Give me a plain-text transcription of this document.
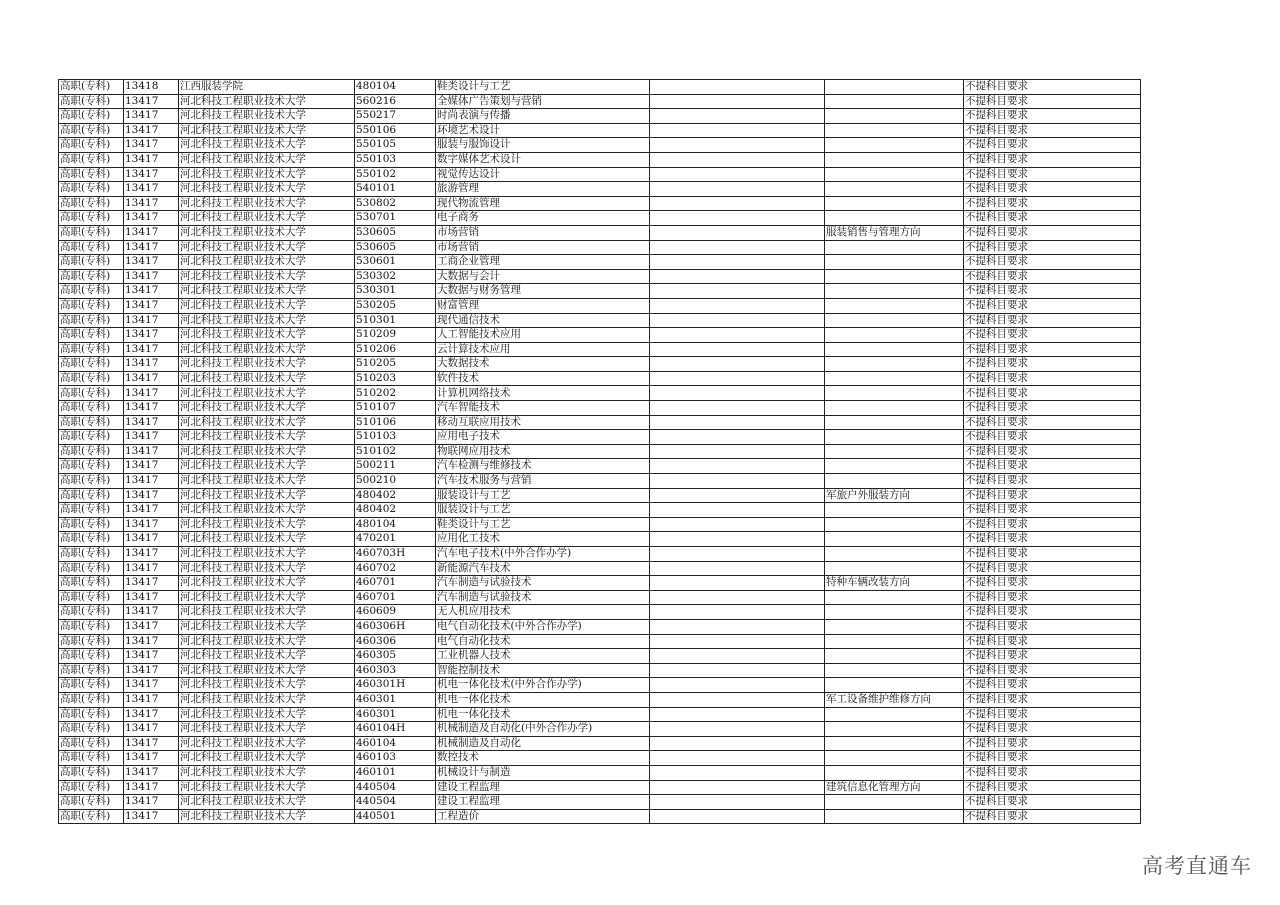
高职(专科)	13418	江西服装学院	480104	鞋类设计与工艺			不提科目要求
高职(专科)	13417	河北科技工程职业技术大学	560216	全媒体广告策划与营销			不提科目要求
高职(专科)	13417	河北科技工程职业技术大学	550217	时尚表演与传播			不提科目要求
高职(专科)	13417	河北科技工程职业技术大学	550106	环境艺术设计			不提科目要求
高职(专科)	13417	河北科技工程职业技术大学	550105	服装与服饰设计			不提科目要求
高职(专科)	13417	河北科技工程职业技术大学	550103	数字媒体艺术设计			不提科目要求
高职(专科)	13417	河北科技工程职业技术大学	550102	视觉传达设计			不提科目要求
高职(专科)	13417	河北科技工程职业技术大学	540101	旅游管理			不提科目要求
高职(专科)	13417	河北科技工程职业技术大学	530802	现代物流管理			不提科目要求
高职(专科)	13417	河北科技工程职业技术大学	530701	电子商务			不提科目要求
高职(专科)	13417	河北科技工程职业技术大学	530605	市场营销		服装销售与管理方向	不提科目要求
高职(专科)	13417	河北科技工程职业技术大学	530605	市场营销			不提科目要求
高职(专科)	13417	河北科技工程职业技术大学	530601	工商企业管理			不提科目要求
高职(专科)	13417	河北科技工程职业技术大学	530302	大数据与会计			不提科目要求
高职(专科)	13417	河北科技工程职业技术大学	530301	大数据与财务管理			不提科目要求
高职(专科)	13417	河北科技工程职业技术大学	530205	财富管理			不提科目要求
高职(专科)	13417	河北科技工程职业技术大学	510301	现代通信技术			不提科目要求
高职(专科)	13417	河北科技工程职业技术大学	510209	人工智能技术应用			不提科目要求
高职(专科)	13417	河北科技工程职业技术大学	510206	云计算技术应用			不提科目要求
高职(专科)	13417	河北科技工程职业技术大学	510205	大数据技术			不提科目要求
高职(专科)	13417	河北科技工程职业技术大学	510203	软件技术			不提科目要求
高职(专科)	13417	河北科技工程职业技术大学	510202	计算机网络技术			不提科目要求
高职(专科)	13417	河北科技工程职业技术大学	510107	汽车智能技术			不提科目要求
高职(专科)	13417	河北科技工程职业技术大学	510106	移动互联应用技术			不提科目要求
高职(专科)	13417	河北科技工程职业技术大学	510103	应用电子技术			不提科目要求
高职(专科)	13417	河北科技工程职业技术大学	510102	物联网应用技术			不提科目要求
高职(专科)	13417	河北科技工程职业技术大学	500211	汽车检测与维修技术			不提科目要求
高职(专科)	13417	河北科技工程职业技术大学	500210	汽车技术服务与营销			不提科目要求
高职(专科)	13417	河北科技工程职业技术大学	480402	服装设计与工艺		军旅户外服装方向	不提科目要求
高职(专科)	13417	河北科技工程职业技术大学	480402	服装设计与工艺			不提科目要求
高职(专科)	13417	河北科技工程职业技术大学	480104	鞋类设计与工艺			不提科目要求
高职(专科)	13417	河北科技工程职业技术大学	470201	应用化工技术			不提科目要求
高职(专科)	13417	河北科技工程职业技术大学	460703H	汽车电子技术(中外合作办学)			不提科目要求
高职(专科)	13417	河北科技工程职业技术大学	460702	新能源汽车技术			不提科目要求
高职(专科)	13417	河北科技工程职业技术大学	460701	汽车制造与试验技术		特种车辆改装方向	不提科目要求
高职(专科)	13417	河北科技工程职业技术大学	460701	汽车制造与试验技术			不提科目要求
高职(专科)	13417	河北科技工程职业技术大学	460609	无人机应用技术			不提科目要求
高职(专科)	13417	河北科技工程职业技术大学	460306H	电气自动化技术(中外合作办学)			不提科目要求
高职(专科)	13417	河北科技工程职业技术大学	460306	电气自动化技术			不提科目要求
高职(专科)	13417	河北科技工程职业技术大学	460305	工业机器人技术			不提科目要求
高职(专科)	13417	河北科技工程职业技术大学	460303	智能控制技术			不提科目要求
高职(专科)	13417	河北科技工程职业技术大学	460301H	机电一体化技术(中外合作办学)			不提科目要求
高职(专科)	13417	河北科技工程职业技术大学	460301	机电一体化技术		军工设备维护维修方向	不提科目要求
高职(专科)	13417	河北科技工程职业技术大学	460301	机电一体化技术			不提科目要求
高职(专科)	13417	河北科技工程职业技术大学	460104H	机械制造及自动化(中外合作办学)			不提科目要求
高职(专科)	13417	河北科技工程职业技术大学	460104	机械制造及自动化			不提科目要求
高职(专科)	13417	河北科技工程职业技术大学	460103	数控技术			不提科目要求
高职(专科)	13417	河北科技工程职业技术大学	460101	机械设计与制造			不提科目要求
高职(专科)	13417	河北科技工程职业技术大学	440504	建设工程监理		建筑信息化管理方向	不提科目要求
高职(专科)	13417	河北科技工程职业技术大学	440504	建设工程监理			不提科目要求
高职(专科)	13417	河北科技工程职业技术大学	440501	工程造价			不提科目要求
高考直通车
